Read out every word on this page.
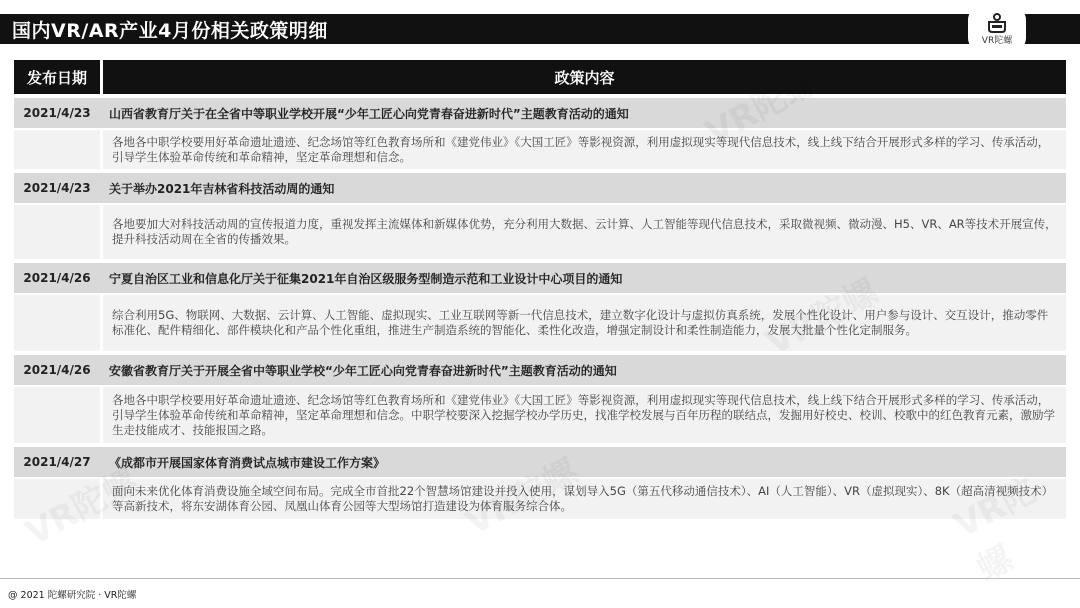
国内VR/AR产业4月份相关政策明细	VR陀螺
发布日期	政策内容
2021/4/23	山西省教育厅关于在全省中等职业学校开展“少年工匠心向党青春奋进新时代”主题教育活动的通知
各地各中职学校要用好革命遗址遗迹、纪念场馆等红色教育场所和《建党伟业》《大国工匠》等影视资源，利用虚拟现实等现代信息技术，线上线下结合开展形式多样的学习、传承活动，引导学生体验革命传统和革命精神，坚定革命理想和信念。
2021/4/23	关于举办2021年吉林省科技活动周的通知
各地要加大对科技活动周的宣传报道力度，重视发挥主流媒体和新媒体优势，充分利用大数据、云计算、人工智能等现代信息技术，采取微视频、微动漫、H5、VR、AR等技术开展宣传，提升科技活动周在全省的传播效果。
2021/4/26	宁夏自治区工业和信息化厅关于征集2021年自治区级服务型制造示范和工业设计中心项目的通知
综合利用5G、物联网、大数据、云计算、人工智能、虚拟现实、工业互联网等新一代信息技术，建立数字化设计与虚拟仿真系统，发展个性化设计、用户参与设计、交互设计，推动零件标准化、配件精细化、部件模块化和产品个性化重组，推进生产制造系统的智能化、柔性化改造，增强定制设计和柔性制造能力，发展大批量个性化定制服务。
2021/4/26	安徽省教育厅关于开展全省中等职业学校“少年工匠心向党青春奋进新时代”主题教育活动的通知
各地各中职学校要用好革命遗址遗迹、纪念场馆等红色教育场所和《建党伟业》《大国工匠》等影视资源，利用虚拟现实等现代信息技术，线上线下结合开展形式多样的学习、传承活动，引导学生体验革命传统和革命精神，坚定革命理想和信念。中职学校要深入挖掘学校办学历史，找准学校发展与百年历程的联结点，发掘用好校史、校训、校歌中的红色教育元素，激励学生走技能成才、技能报国之路。
2021/4/27	《成都市开展国家体育消费试点城市建设工作方案》
面向未来优化体育消费设施全域空间布局。完成全市首批22个智慧场馆建设并投入使用，谋划导入5G（第五代移动通信技术）、AI（人工智能）、VR（虚拟现实）、8K（超高清视频技术）等高新技术，将东安湖体育公园、凤凰山体育公园等大型场馆打造建设为体育服务综合体。
@ 2021 陀螺研究院 · VR陀螺
